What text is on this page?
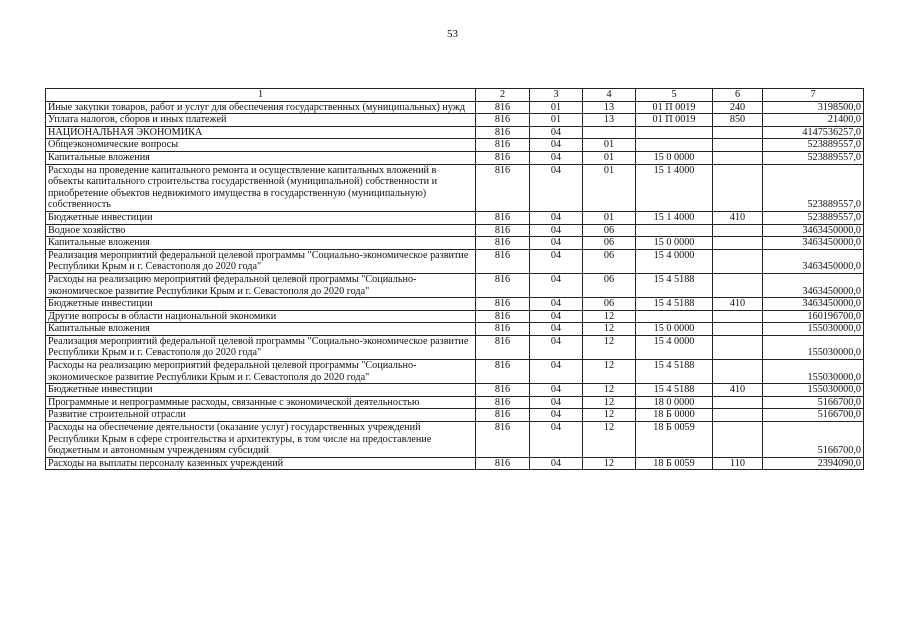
53
1	2	3	4	5	6	7
Иные закупки товаров, работ и услуг для обеспечения государственных (муниципальных) нужд	816	01	13	01 П 0019	240	3198500,0
Уплата налогов, сборов и иных платежей	816	01	13	01 П 0019	850	21400,0
НАЦИОНАЛЬНАЯ ЭКОНОМИКА	816	04				4147536257,0
Общеэкономические вопросы	816	04	01			523889557,0
Капитальные вложения	816	04	01	15 0 0000		523889557,0
Расходы на проведение капитального ремонта и осуществление капитальных вложений в объекты капитального строительства государственной (муниципальной) собственности и приобретение объектов недвижимого имущества в государственную (муниципальную) собственность	816	04	01	15 1 4000		523889557,0
Бюджетные инвестиции	816	04	01	15 1 4000	410	523889557,0
Водное хозяйство	816	04	06			3463450000,0
Капитальные вложения	816	04	06	15 0 0000		3463450000,0
Реализация мероприятий федеральной целевой программы "Социально-экономическое развитие Республики Крым и г. Севастополя до 2020 года"	816	04	06	15 4 0000		3463450000,0
Расходы на реализацию мероприятий федеральной целевой программы "Социально-экономическое развитие Республики Крым и г. Севастополя до 2020 года"	816	04	06	15 4 5188		3463450000,0
Бюджетные инвестиции	816	04	06	15 4 5188	410	3463450000,0
Другие вопросы в области национальной экономики	816	04	12			160196700,0
Капитальные вложения	816	04	12	15 0 0000		155030000,0
Реализация мероприятий федеральной целевой программы "Социально-экономическое развитие Республики Крым и г. Севастополя до 2020 года"	816	04	12	15 4 0000		155030000,0
Расходы на реализацию мероприятий федеральной целевой программы "Социально-экономическое развитие Республики Крым и г. Севастополя до 2020 года"	816	04	12	15 4 5188		155030000,0
Бюджетные инвестиции	816	04	12	15 4 5188	410	155030000,0
Программные и непрограммные расходы, связанные с экономической деятельностью	816	04	12	18 0 0000		5166700,0
Развитие строительной отрасли	816	04	12	18 Б 0000		5166700,0
Расходы на обеспечение деятельности (оказание услуг) государственных учреждений Республики Крым в сфере строительства и архитектуры, в том числе на предоставление бюджетным и автономным учреждениям субсидий	816	04	12	18 Б 0059		5166700,0
Расходы на выплаты персоналу казенных учреждений	816	04	12	18 Б 0059	110	2394090,0
